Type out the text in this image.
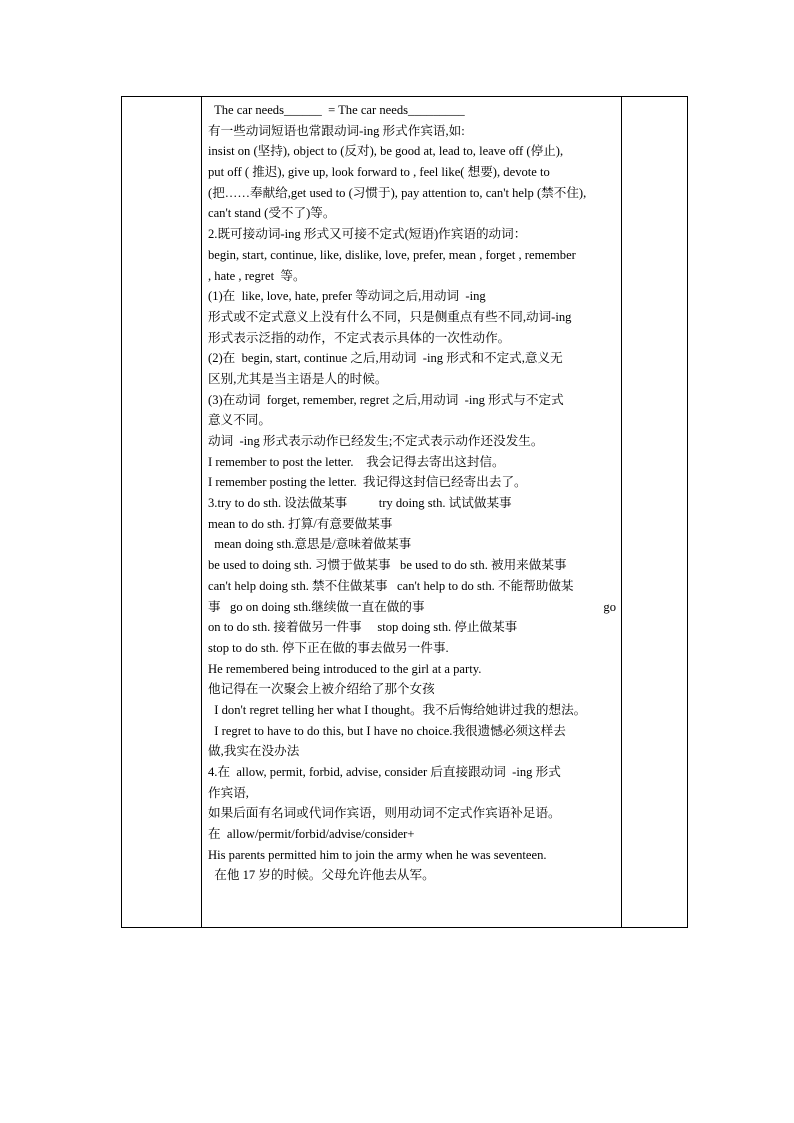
The car needs______  = The car needs_________
有一些动词短语也常跟动词-ing 形式作宾语,如:
insist on (坚持), object to (反对), be good at, lead to, leave off (停止),
put off ( 推迟), give up, look forward to , feel like( 想要), devote to
(把……奉献给,get used to (习惯于), pay attention to, can't help (禁不住),
can't stand (受不了)等。
2.既可接动词-ing 形式又可接不定式(短语)作宾语的动词：
begin, start, continue, like, dislike, love, prefer, mean , forget , remember
, hate , regret  等。
(1)在  like, love, hate, prefer 等动词之后,用动词  -ing
形式或不定式意义上没有什么不同，只是侧重点有些不同,动词-ing
形式表示泛指的动作，不定式表示具体的一次性动作。
(2)在  begin, start, continue 之后,用动词  -ing 形式和不定式,意义无
区别,尤其是当主语是人的时候。
(3)在动词  forget, remember, regret 之后,用动词  -ing 形式与不定式
意义不同。
动词  -ing 形式表示动作已经发生;不定式表示动作还没发生。
I remember to post the letter.    我会记得去寄出这封信。
I remember posting the letter.  我记得这封信已经寄出去了。
3.try to do sth. 设法做某事          try doing sth. 试试做某事
mean to do sth. 打算/有意要做某事
mean doing sth.意思是/意味着做某事
be used to doing sth. 习惯于做某事   be used to do sth. 被用来做某事
can't help doing sth. 禁不住做某事   can't help to do sth. 不能帮助做某
事   go on doing sth.继续做一直在做的事	go
on to do sth. 接着做另一件事     stop doing sth. 停止做某事
stop to do sth. 停下正在做的事去做另一件事.
He remembered being introduced to the girl at a party.
他记得在一次聚会上被介绍给了那个女孩
I don't regret telling her what I thought。我不后悔给她讲过我的想法。
I regret to have to do this, but I have no choice.我很遗憾必须这样去
做,我实在没办法
4.在  allow, permit, forbid, advise, consider 后直接跟动词  -ing 形式
作宾语,
如果后面有名词或代词作宾语，则用动词不定式作宾语补足语。
在  allow/permit/forbid/advise/consider+
His parents permitted him to join the army when he was seventeen.
在他 17 岁的时候。父母允许他去从军。
